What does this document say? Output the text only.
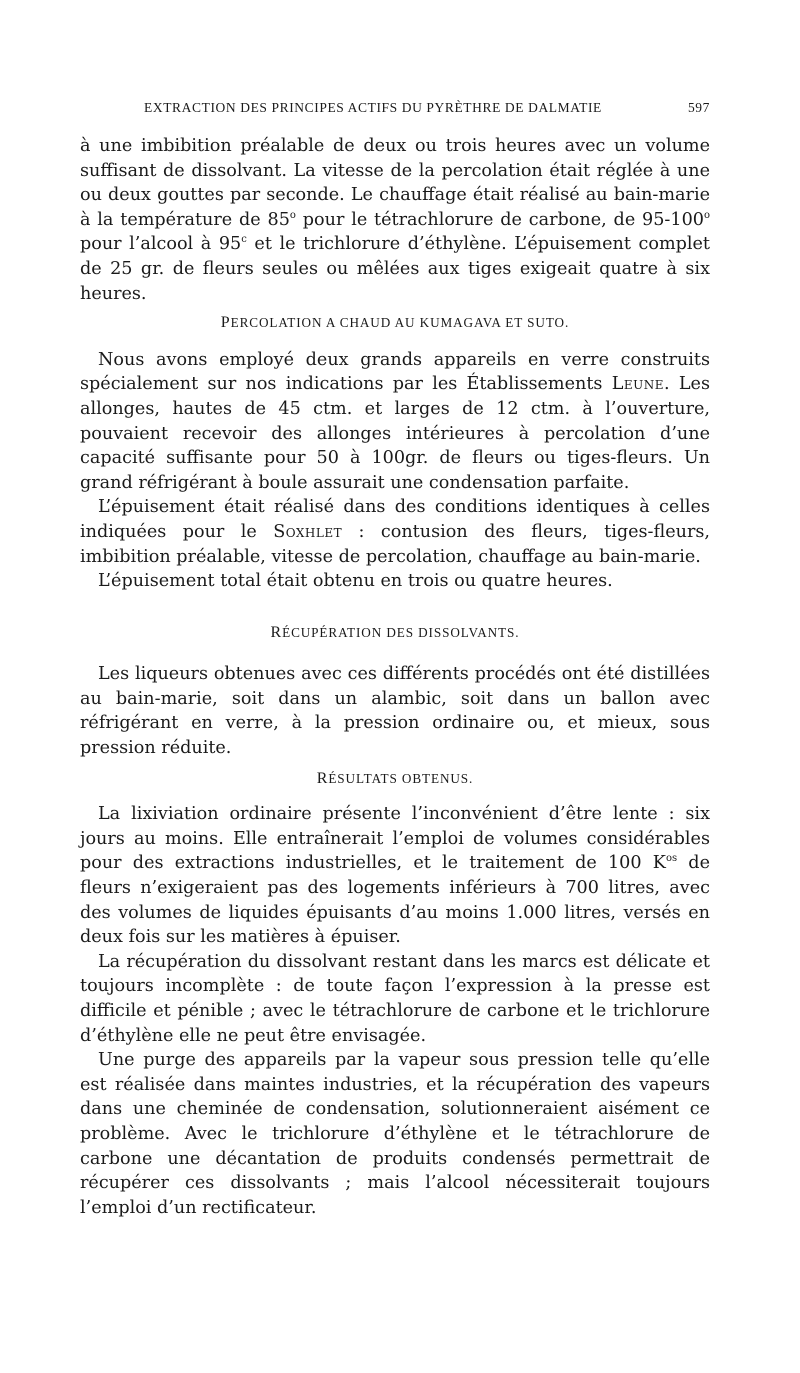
EXTRACTION DES PRINCIPES ACTIFS DU PYRÈTHRE DE DALMATIE	597

à une imbibition préalable de deux ou trois heures avec un volume suffisant de dissolvant. La vitesse de la percolation était réglée à une ou deux gouttes par seconde. Le chauffage était réalisé au bain-marie à la température de 85$^o$ pour le tétrachlorure de carbone, de 95-100$^o$ pour l’alcool à 95$^c$ et le trichlorure d’éthylène. L’épuisement complet de 25 gr. de fleurs seules ou mêlées aux tiges exigeait quatre à six heures.

PERCOLATION A CHAUD AU KUMAGAVA ET SUTO.

Nous avons employé deux grands appareils en verre construits spécialement sur nos indications par les Établissements Leune. Les allonges, hautes de 45 ctm. et larges de 12 ctm. à l’ouverture, pouvaient recevoir des allonges intérieures à percolation d’une capacité suffisante pour 50 à 100gr. de fleurs ou tiges-fleurs. Un grand réfrigérant à boule assurait une condensation parfaite.

L’épuisement était réalisé dans des conditions identiques à celles indiquées pour le Soxhlet : contusion des fleurs, tiges-fleurs, imbibition préalable, vitesse de percolation, chauffage au bain-marie.

L’épuisement total était obtenu en trois ou quatre heures.

RÉCUPÉRATION DES DISSOLVANTS.

Les liqueurs obtenues avec ces différents procédés ont été distillées au bain-marie, soit dans un alambic, soit dans un ballon avec réfrigérant en verre, à la pression ordinaire ou, et mieux, sous pression réduite.

RÉSULTATS OBTENUS.

La lixiviation ordinaire présente l’inconvénient d’être lente : six jours au moins. Elle entraînerait l’emploi de volumes considérables pour des extractions industrielles, et le traitement de 100 $K^{os}$ de fleurs n’exigeraient pas des logements inférieurs à 700 litres, avec des volumes de liquides épuisants d’au moins 1.000 litres, versés en deux fois sur les matières à épuiser.

La récupération du dissolvant restant dans les marcs est délicate et toujours incomplète : de toute façon l’expression à la presse est difficile et pénible ; avec le tétrachlorure de carbone et le trichlorure d’éthylène elle ne peut être envisagée.

Une purge des appareils par la vapeur sous pression telle qu’elle est réalisée dans maintes industries, et la récupération des vapeurs dans une cheminée de condensation, solutionneraient aisément ce problème. Avec le trichlorure d’éthylène et le tétrachlorure de carbone une décantation de produits condensés permettrait de récupérer ces dissolvants ; mais l’alcool nécessiterait toujours l’emploi d’un rectificateur.
